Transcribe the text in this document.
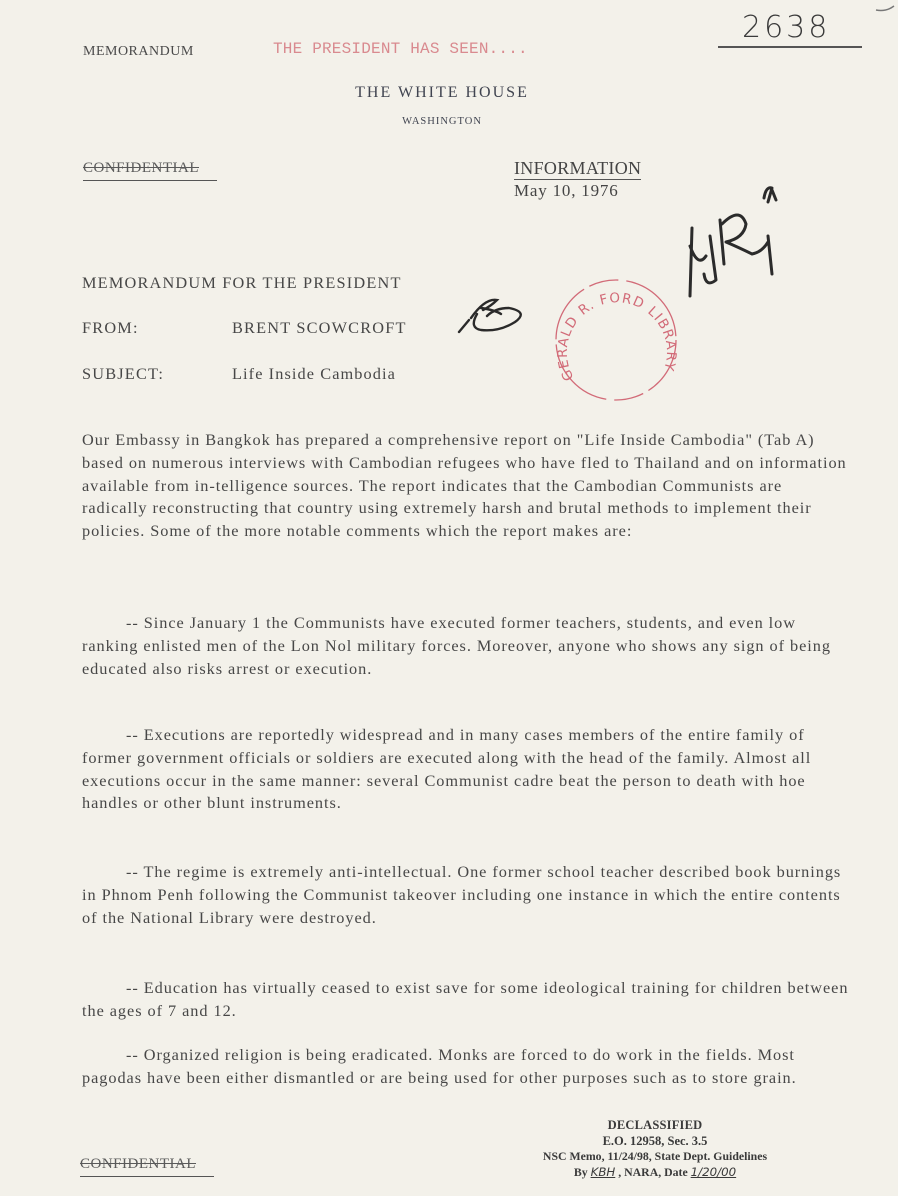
MEMORANDUM	THE PRESIDENT HAS SEEN....
2638
THE WHITE HOUSE
WASHINGTON
CONFIDENTIAL	INFORMATION
May 10, 1976
MEMORANDUM FOR THE PRESIDENT
FROM:	BRENT SCOWCROFT
SUBJECT:	Life Inside Cambodia	GERALD R. FORD LIBRARY

Our Embassy in Bangkok has prepared a comprehensive report on "Life Inside Cambodia" (Tab A) based on numerous interviews with Cambodian refugees who have fled to Thailand and on information available from in-telligence sources. The report indicates that the Cambodian Communists are radically reconstructing that country using extremely harsh and brutal methods to implement their policies. Some of the more notable comments which the report makes are:

-- Since January 1 the Communists have executed former teachers, students, and even low ranking enlisted men of the Lon Nol military forces. Moreover, anyone who shows any sign of being educated also risks arrest or execution.

-- Executions are reportedly widespread and in many cases members of the entire family of former government officials or soldiers are executed along with the head of the family. Almost all executions occur in the same manner: several Communist cadre beat the person to death with hoe handles or other blunt instruments.

-- The regime is extremely anti-intellectual. One former school teacher described book burnings in Phnom Penh following the Communist takeover including one instance in which the entire contents of the National Library were destroyed.

-- Education has virtually ceased to exist save for some ideological training for children between the ages of 7 and 12.

-- Organized religion is being eradicated. Monks are forced to do work in the fields. Most pagodas have been either dismantled or are being used for other purposes such as to store grain.

DECLASSIFIED
E.O. 12958, Sec. 3.5
NSC Memo, 11/24/98, State Dept. Guidelines
By KBH , NARA, Date 1/20/00
CONFIDENTIAL
